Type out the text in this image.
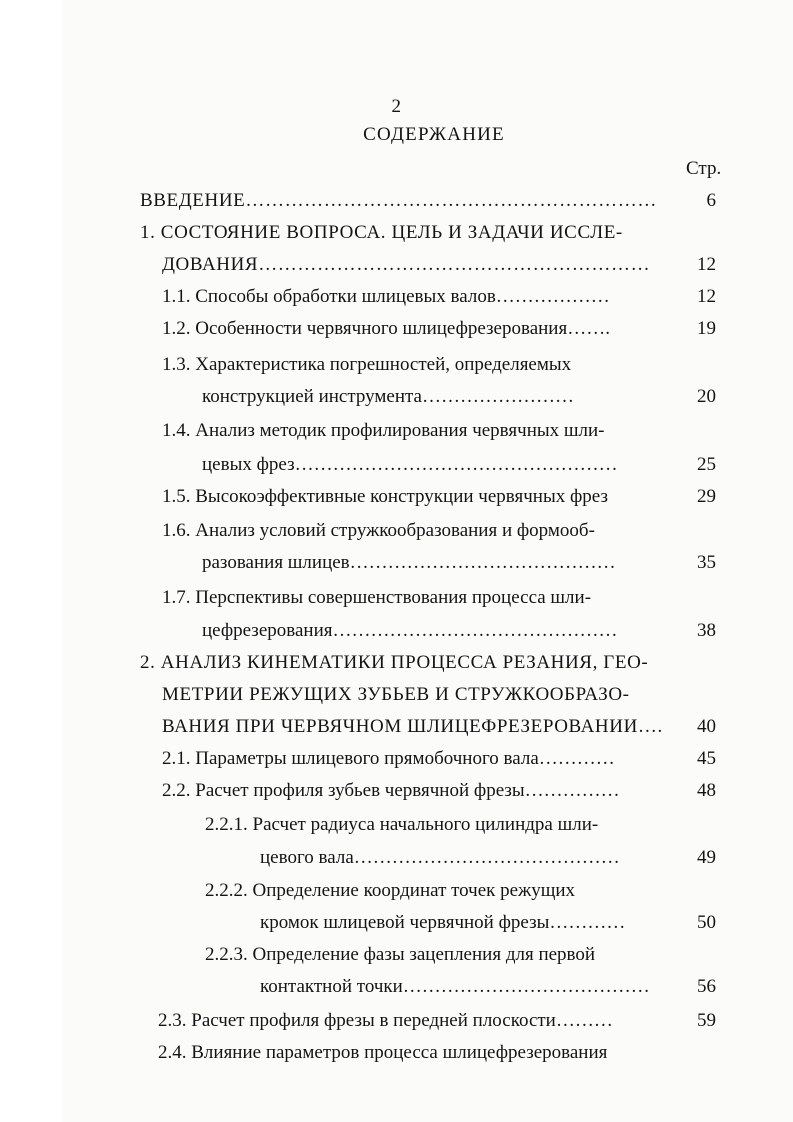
2
СОДЕРЖАНИЕ
Стр.
ВВЕДЕНИЕ………………………………………………………	6
1. СОСТОЯНИЕ ВОПРОСА. ЦЕЛЬ И ЗАДАЧИ ИССЛЕ-
ДОВАНИЯ……………………………………………………	12
1.1. Способы обработки шлицевых валов………………	12
1.2. Особенности червячного шлицефрезерования…….	19
1.3. Характеристика погрешностей, определяемых
конструкцией инструмента……………………	20
1.4. Анализ методик профилирования червячных шли-
цевых фрез……………………………………………	25
1.5. Высокоэффективные конструкции червячных фрез	29
1.6. Анализ условий стружкообразования и формооб-
разования шлицев……………………………………	35
1.7. Перспективы совершенствования процесса шли-
цефрезерования………………………………………	38
2. АНАЛИЗ КИНЕМАТИКИ ПРОЦЕССА РЕЗАНИЯ, ГЕО-
МЕТРИИ РЕЖУЩИХ ЗУБЬЕВ И СТРУЖКООБРАЗО-
ВАНИЯ ПРИ ЧЕРВЯЧНОМ ШЛИЦЕФРЕЗЕРОВАНИИ….	40
2.1. Параметры шлицевого прямобочного вала…………	45
2.2. Расчет профиля зубьев червячной фрезы……………	48
2.2.1. Расчет радиуса начального цилиндра шли-
цевого вала……………………………………	49
2.2.2. Определение координат точек режущих
кромок шлицевой червячной фрезы…………	50
2.2.3. Определение фазы зацепления для первой
контактной точки…………………………………	56
2.3. Расчет профиля фрезы в передней плоскости………	59
2.4. Влияние параметров процесса шлицефрезерования
